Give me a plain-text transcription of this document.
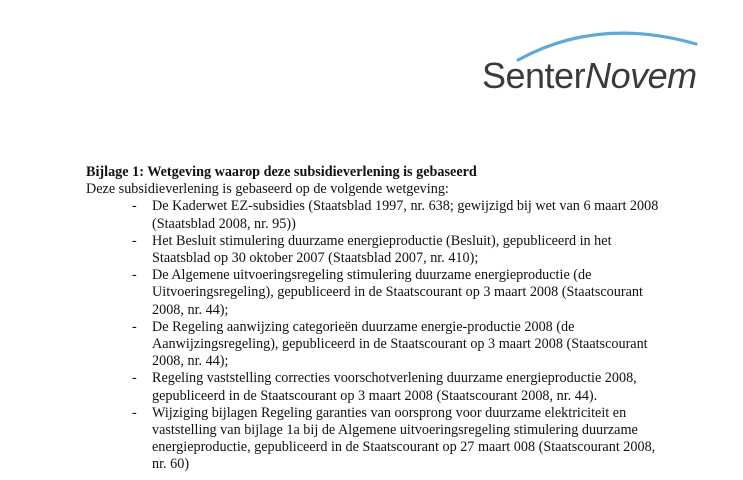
SenterNovem

Bijlage 1: Wetgeving waarop deze subsidieverlening is gebaseerd

Deze subsidieverlening is gebaseerd op de volgende wetgeving:

- De Kaderwet EZ-subsidies (Staatsblad 1997, nr. 638; gewijzigd bij wet van 6 maart 2008 (Staatsblad 2008, nr. 95))
- Het Besluit stimulering duurzame energieproductie (Besluit), gepubliceerd in het Staatsblad op 30 oktober 2007 (Staatsblad 2007, nr. 410);
- De Algemene uitvoeringsregeling stimulering duurzame energieproductie (de Uitvoeringsregeling), gepubliceerd in de Staatscourant op 3 maart 2008 (Staatscourant 2008, nr. 44);
- De Regeling aanwijzing categorieën duurzame energie-productie 2008 (de Aanwijzingsregeling), gepubliceerd in de Staatscourant op 3 maart 2008 (Staatscourant 2008, nr. 44);
- Regeling vaststelling correcties voorschotverlening duurzame energieproductie 2008, gepubliceerd in de Staatscourant op 3 maart 2008 (Staatscourant 2008, nr. 44).
- Wijziging bijlagen Regeling garanties van oorsprong voor duurzame elektriciteit en vaststelling van bijlage 1a bij de Algemene uitvoeringsregeling stimulering duurzame energieproductie, gepubliceerd in de Staatscourant op 27 maart 008 (Staatscourant 2008, nr. 60)
